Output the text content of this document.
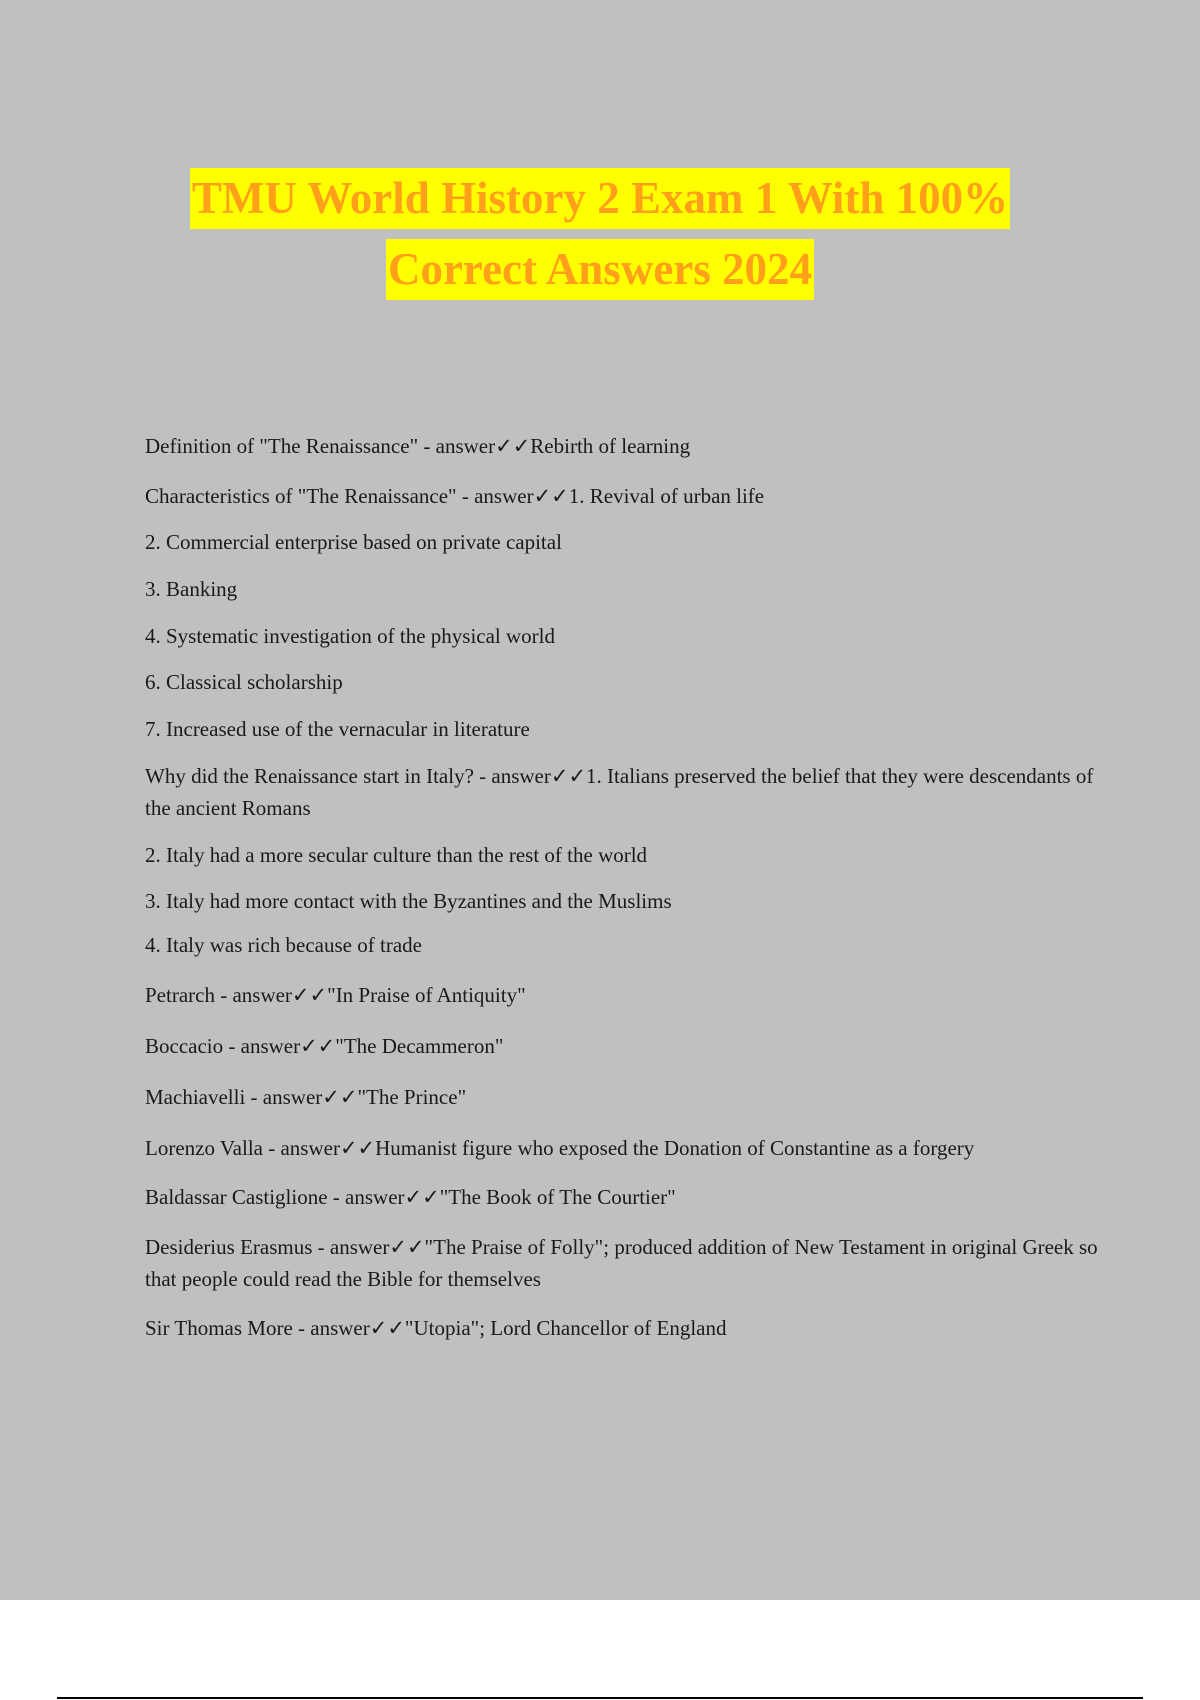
TMU World History 2 Exam 1 With 100%
Correct Answers 2024
Definition of "The Renaissance" - answer✓✓Rebirth of learning
Characteristics of "The Renaissance" - answer✓✓1. Revival of urban life
2. Commercial enterprise based on private capital
3. Banking
4. Systematic investigation of the physical world
6. Classical scholarship
7. Increased use of the vernacular in literature
Why did the Renaissance start in Italy? - answer✓✓1. Italians preserved the belief that they were descendants of the ancient Romans
2. Italy had a more secular culture than the rest of the world
3. Italy had more contact with the Byzantines and the Muslims
4. Italy was rich because of trade
Petrarch - answer✓✓"In Praise of Antiquity"
Boccacio - answer✓✓"The Decammeron"
Machiavelli - answer✓✓"The Prince"
Lorenzo Valla - answer✓✓Humanist figure who exposed the Donation of Constantine as a forgery
Baldassar Castiglione - answer✓✓"The Book of The Courtier"
Desiderius Erasmus - answer✓✓"The Praise of Folly"; produced addition of New Testament in original Greek so that people could read the Bible for themselves
Sir Thomas More - answer✓✓"Utopia"; Lord Chancellor of England
